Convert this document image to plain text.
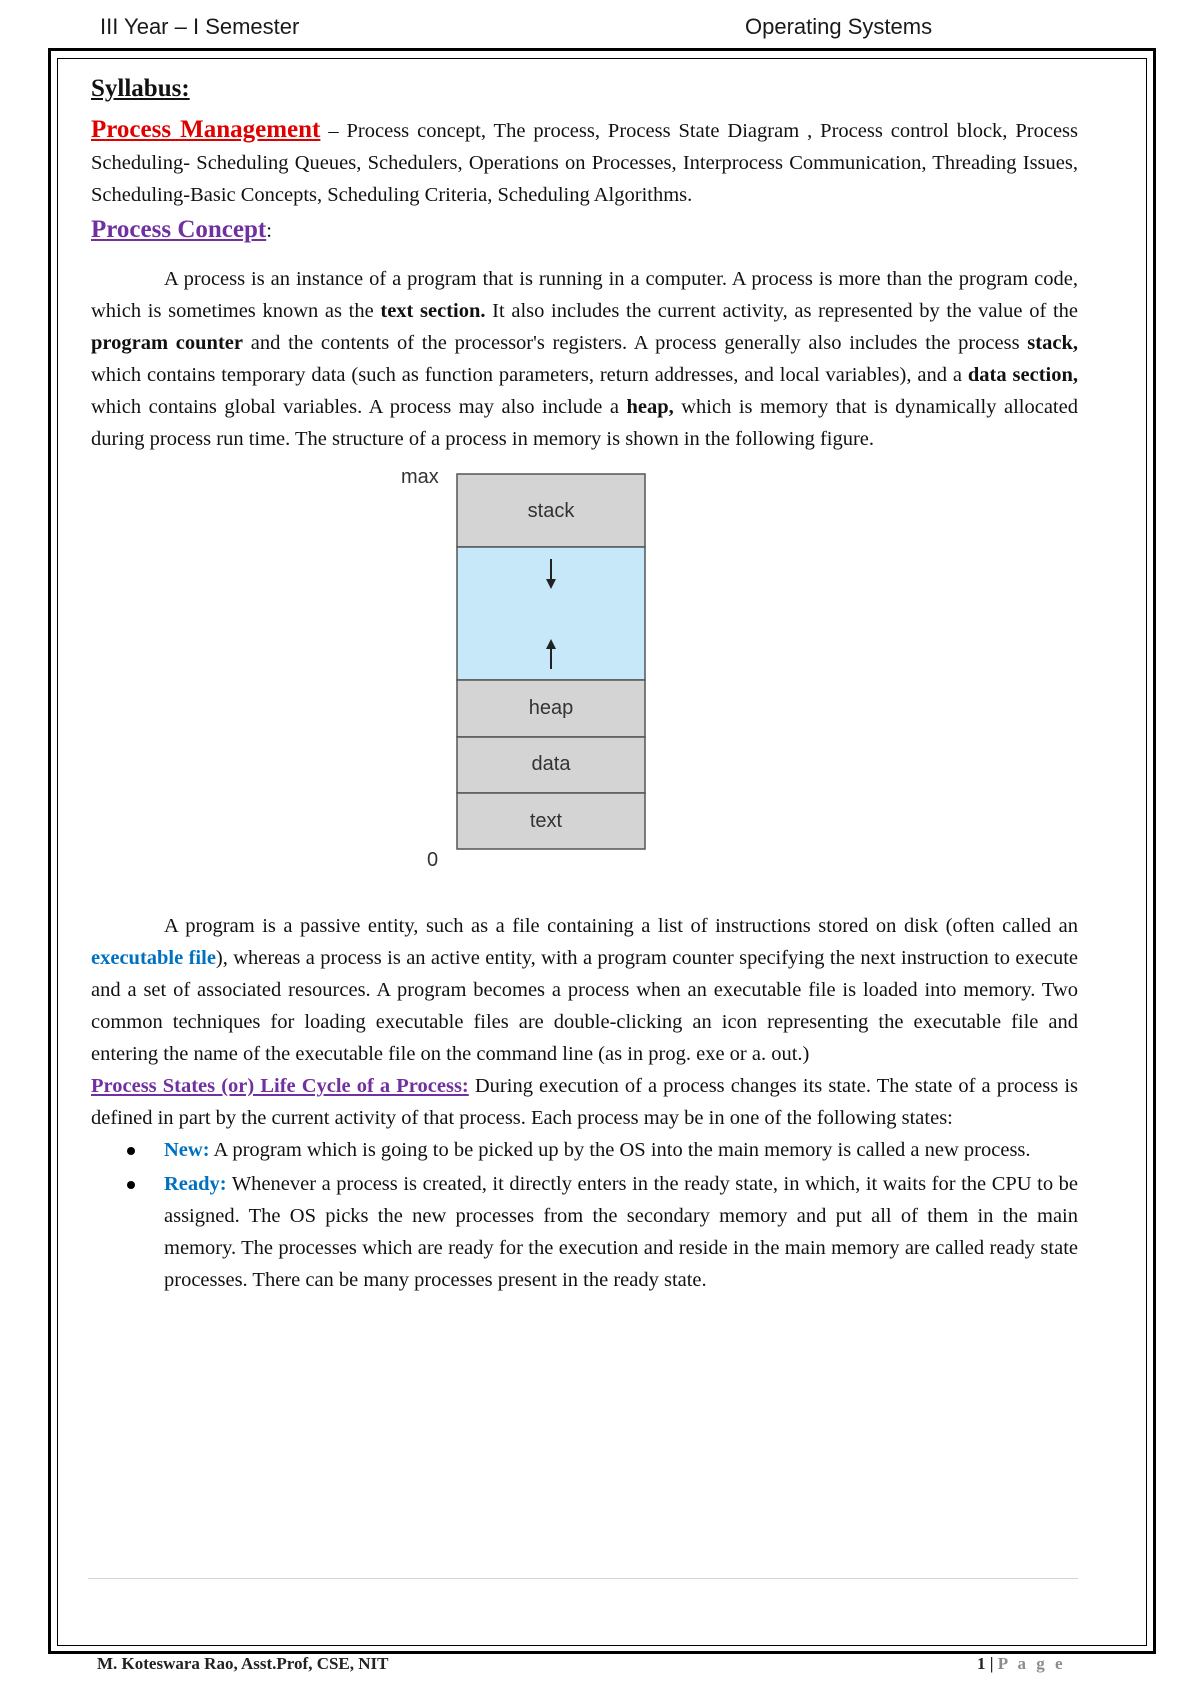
III Year – I Semester	Operating Systems
Syllabus:

Process Management – Process concept, The process, Process State Diagram , Process control block, Process Scheduling- Scheduling Queues, Schedulers, Operations on Processes, Interprocess Communication, Threading Issues, Scheduling-Basic Concepts, Scheduling Criteria, Scheduling Algorithms.

Process Concept:

A process is an instance of a program that is running in a computer. A process is more than the program code, which is sometimes known as the text section. It also includes the current activity, as represented by the value of the program counter and the contents of the processor's registers. A process generally also includes the process stack, which contains temporary data (such as function parameters, return addresses, and local variables), and a data section, which contains global variables. A process may also include a heap, which is memory that is dynamically allocated during process run time. The structure of a process in memory is shown in the following figure.

max
0
stack
heap
data
text

A program is a passive entity, such as a file containing a list of instructions stored on disk (often called an executable file), whereas a process is an active entity, with a program counter specifying the next instruction to execute and a set of associated resources. A program becomes a process when an executable file is loaded into memory. Two common techniques for loading executable files are double-clicking an icon representing the executable file and entering the name of the executable file on the command line (as in prog. exe or a. out.)

Process States (or) Life Cycle of a Process: During execution of a process changes its state. The state of a process is defined in part by the current activity of that process. Each process may be in one of the following states:

New: A program which is going to be picked up by the OS into the main memory is called a new process.
Ready: Whenever a process is created, it directly enters in the ready state, in which, it waits for the CPU to be assigned. The OS picks the new processes from the secondary memory and put all of them in the main memory. The processes which are ready for the execution and reside in the main memory are called ready state processes. There can be many processes present in the ready state.
M. Koteswara Rao, Asst.Prof, CSE, NIT	1 | P a g e
